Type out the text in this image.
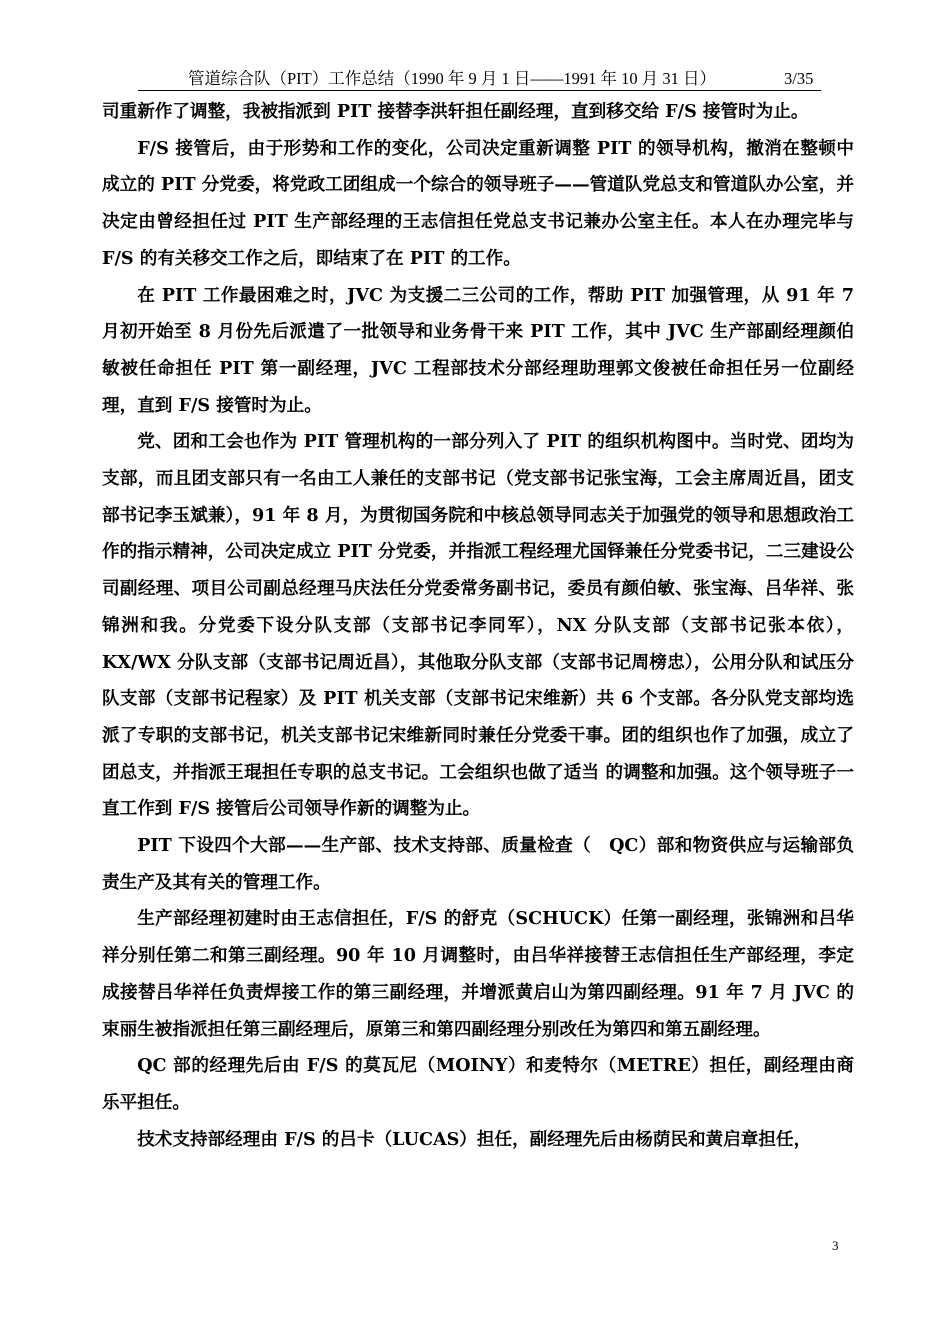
管道综合队（PIT）工作总结（1990 年 9 月 1 日——1991 年 10 月 31 日）	3/35

司重新作了调整，我被指派到 PIT 接替李洪轩担任副经理，直到移交给 F/S 接管时为止。

F/S 接管后，由于形势和工作的变化，公司决定重新调整 PIT 的领导机构，撤消在整顿中成立的 PIT 分党委，将党政工团组成一个综合的领导班子——管道队党总支和管道队办公室，并决定由曾经担任过 PIT 生产部经理的王志信担任党总支书记兼办公室主任。本人在办理完毕与 F/S 的有关移交工作之后，即结束了在 PIT 的工作。

在 PIT 工作最困难之时，JVC 为支援二三公司的工作，帮助 PIT 加强管理，从 91 年 7 月初开始至 8 月份先后派遣了一批领导和业务骨干来 PIT 工作，其中 JVC 生产部副经理颜伯敏被任命担任 PIT 第一副经理，JVC 工程部技术分部经理助理郭文俊被任命担任另一位副经理，直到 F/S 接管时为止。

党、团和工会也作为 PIT 管理机构的一部分列入了 PIT 的组织机构图中。当时党、团均为支部，而且团支部只有一名由工人兼任的支部书记（党支部书记张宝海，工会主席周近昌，团支部书记李玉斌兼），91 年 8 月，为贯彻国务院和中核总领导同志关于加强党的领导和思想政治工作的指示精神，公司决定成立 PIT 分党委，并指派工程经理尤国铎兼任分党委书记，二三建设公司副经理、项目公司副总经理马庆法任分党委常务副书记，委员有颜伯敏、张宝海、吕华祥、张锦洲和我。分党委下设分队支部（支部书记李同军），NX 分队支部（支部书记张本依），KX/WX 分队支部（支部书记周近昌），其他取分队支部（支部书记周榜忠），公用分队和试压分队支部（支部书记程家）及 PIT 机关支部（支部书记宋维新）共 6 个支部。各分队党支部均选派了专职的支部书记，机关支部书记宋维新同时兼任分党委干事。团的组织也作了加强，成立了团总支，并指派王琨担任专职的总支书记。工会组织也做了适当 的调整和加强。这个领导班子一直工作到 F/S 接管后公司领导作新的调整为止。

PIT 下设四个大部——生产部、技术支持部、质量检查（　QC）部和物资供应与运输部负责生产及其有关的管理工作。

生产部经理初建时由王志信担任，F/S 的舒克（SCHUCK）任第一副经理，张锦洲和吕华祥分别任第二和第三副经理。90 年 10 月调整时，由吕华祥接替王志信担任生产部经理，李定成接替吕华祥任负责焊接工作的第三副经理，并增派黄启山为第四副经理。91 年 7 月 JVC 的束丽生被指派担任第三副经理后，原第三和第四副经理分别改任为第四和第五副经理。

QC 部的经理先后由 F/S 的莫瓦尼（MOINY）和麦特尔（METRE）担任，副经理由商乐平担任。

技术支持部经理由 F/S 的吕卡（LUCAS）担任，副经理先后由杨荫民和黄启章担任，

3
